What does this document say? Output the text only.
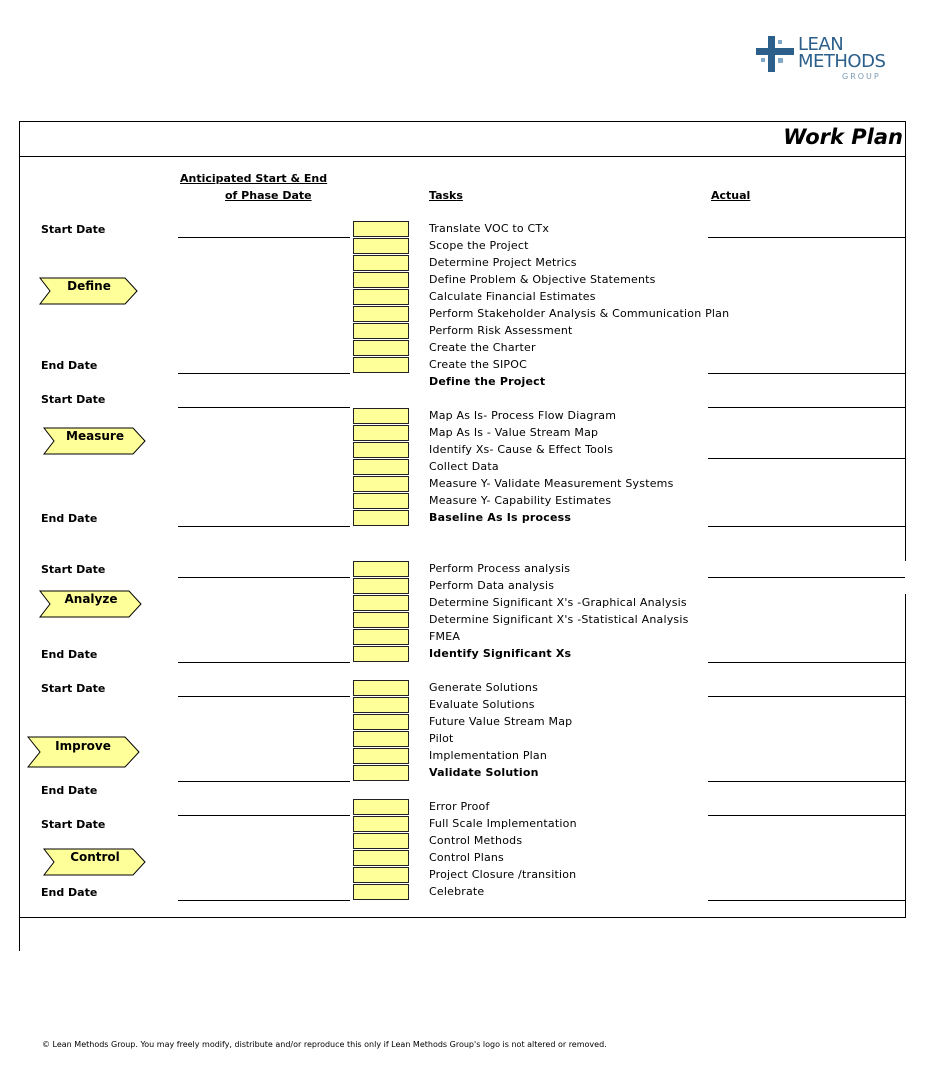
LEAN
METHODS
GROUP
Work Plan
Anticipated Start & End
of Phase Date	Tasks	Actual
Start Date
End Date
Define
Start Date
End Date
Measure
Start Date
End Date
Analyze
Start Date
End Date
Improve
Start Date
End Date
Control
Translate VOC to CTx
Scope the Project
Determine Project Metrics
Define Problem & Objective Statements
Calculate Financial Estimates
Perform Stakeholder Analysis & Communication Plan
Perform Risk Assessment
Create the Charter
Create the SIPOC
Define the Project
Map As Is- Process Flow Diagram
Map As Is - Value Stream Map
Identify Xs- Cause & Effect Tools
Collect Data
Measure Y- Validate Measurement Systems
Measure Y- Capability Estimates
Baseline As Is process
Perform Process analysis
Perform Data analysis
Determine Significant X's -Graphical Analysis
Determine Significant X's -Statistical Analysis
FMEA
Identify Significant Xs
Generate Solutions
Evaluate Solutions
Future Value Stream Map
Pilot
Implementation Plan
Validate Solution
Error Proof
Full Scale Implementation
Control Methods
Control Plans
Project Closure /transition
Celebrate
© Lean Methods Group. You may freely modify, distribute and/or reproduce this only if Lean Methods Group's logo is not altered or removed.
